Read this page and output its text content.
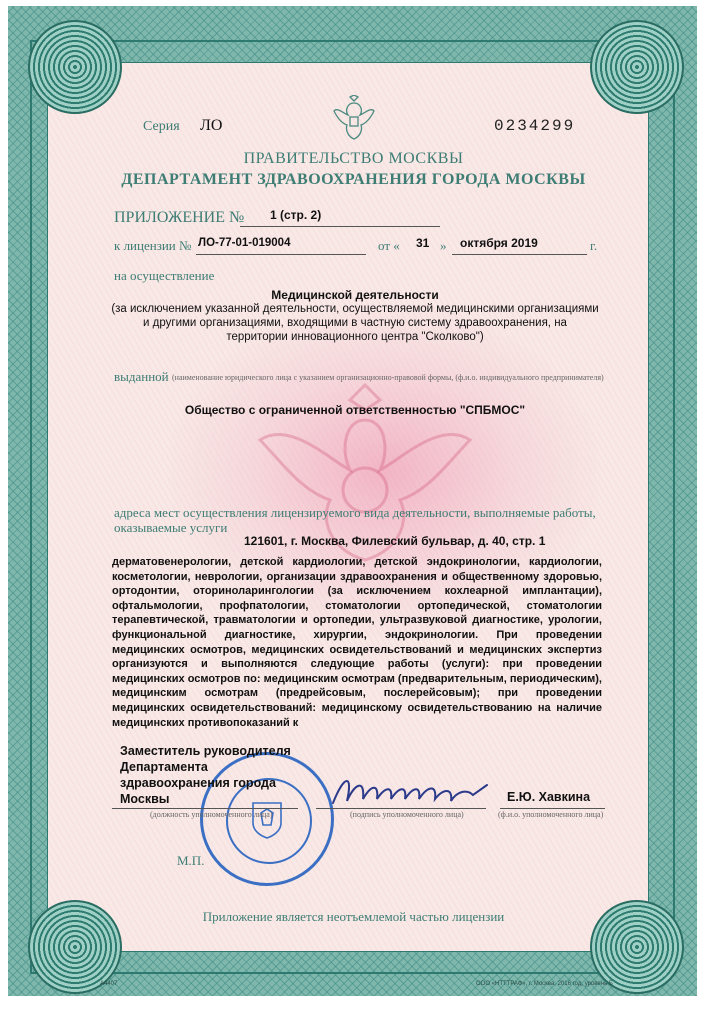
Серия ЛО	0234299
ПРАВИТЕЛЬСТВО МОСКВЫ
ДЕПАРТАМЕНТ ЗДРАВООХРАНЕНИЯ ГОРОДА МОСКВЫ
ПРИЛОЖЕНИЕ № 1 (стр. 2)
к лицензии № ЛО-77-01-019004	от « 31 » октября 2019	г.
на осуществление
Медицинской деятельности
(за исключением указанной деятельности, осуществляемой медицинскими организациями
и другими организациями, входящими в частную систему здравоохранения, на
территории инновационного центра "Сколково")
выданной (наименование юридического лица с указанием организационно-правовой формы, (ф.и.о. индивидуального предпринимателя)
Общество с ограниченной ответственностью "СПБМОС"
адреса мест осуществления лицензируемого вида деятельности, выполняемые работы,
оказываемые услуги
121601, г. Москва, Филевский бульвар, д. 40, стр. 1
дерматовенерологии, детской кардиологии, детской эндокринологии, кардиологии, косметологии, неврологии, организации здравоохранения и общественному здоровью, ортодонтии, оториноларингологии (за исключением кохлеарной имплантации), офтальмологии, профпатологии, стоматологии ортопедической, стоматологии терапевтической, травматологии и ортопедии, ультразвуковой диагностике, урологии, функциональной диагностике, хирургии, эндокринологии. При проведении медицинских осмотров, медицинских освидетельствований и медицинских экспертиз организуются и выполняются следующие работы (услуги): при проведении медицинских осмотров по: медицинским осмотрам (предварительным, периодическим), медицинским осмотрам (предрейсовым, послерейсовым); при проведении медицинских освидетельствований: медицинскому освидетельствованию на наличие медицинских противопоказаний к
Заместитель руководителя
Департамента
здравоохранения города
Москвы	Е.Ю. Хавкина
(должность уполномоченного лица)	(подпись уполномоченного лица)	(ф.и.о. уполномоченного лица)
М.П.
Приложение является неотъемлемой частью лицензии
А4407	ООО «НТТТРАФ», г. Москва, 2016 год, уровень Б
